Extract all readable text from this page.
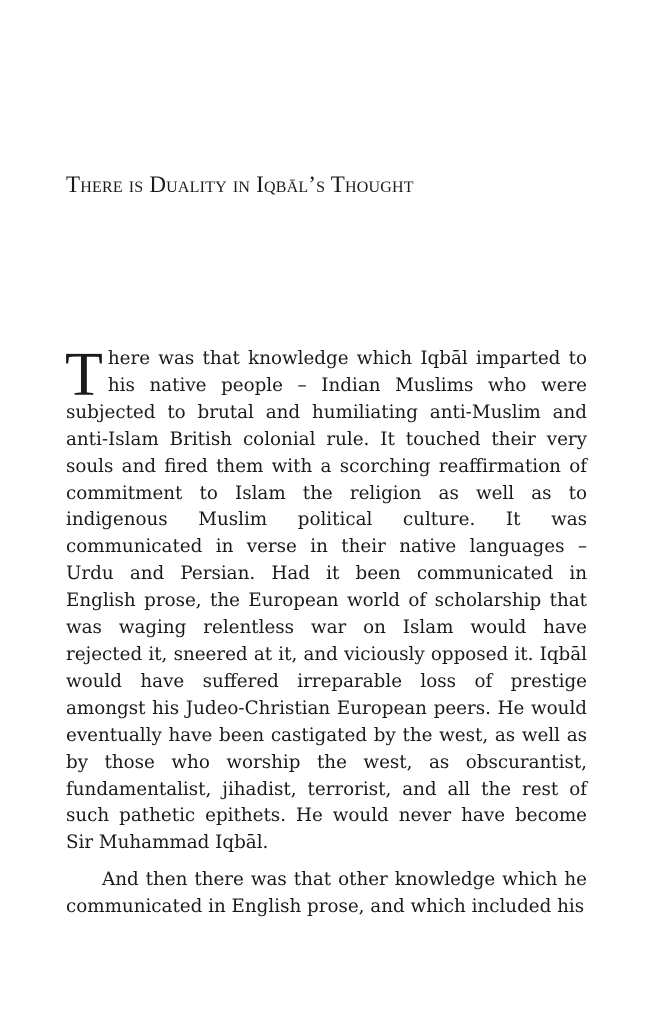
There is Duality in Iqbāl’s Thought

There was that knowledge which Iqbāl imparted to his native people – Indian Muslims who were subjected to brutal and humiliating anti-Muslim and anti-Islam British colonial rule. It touched their very souls and fired them with a scorching reaffirmation of commitment to Islam the religion as well as to indigenous Muslim political culture. It was communicated in verse in their native languages – Urdu and Persian. Had it been communicated in English prose, the European world of scholarship that was waging relentless war on Islam would have rejected it, sneered at it, and viciously opposed it. Iqbāl would have suffered irreparable loss of prestige amongst his Judeo-Christian European peers. He would eventually have been castigated by the west, as well as by those who worship the west, as obscurantist, fundamentalist, jihadist, terrorist, and all the rest of such pathetic epithets. He would never have become Sir Muhammad Iqbāl.

And then there was that other knowledge which he communicated in English prose, and which included his
